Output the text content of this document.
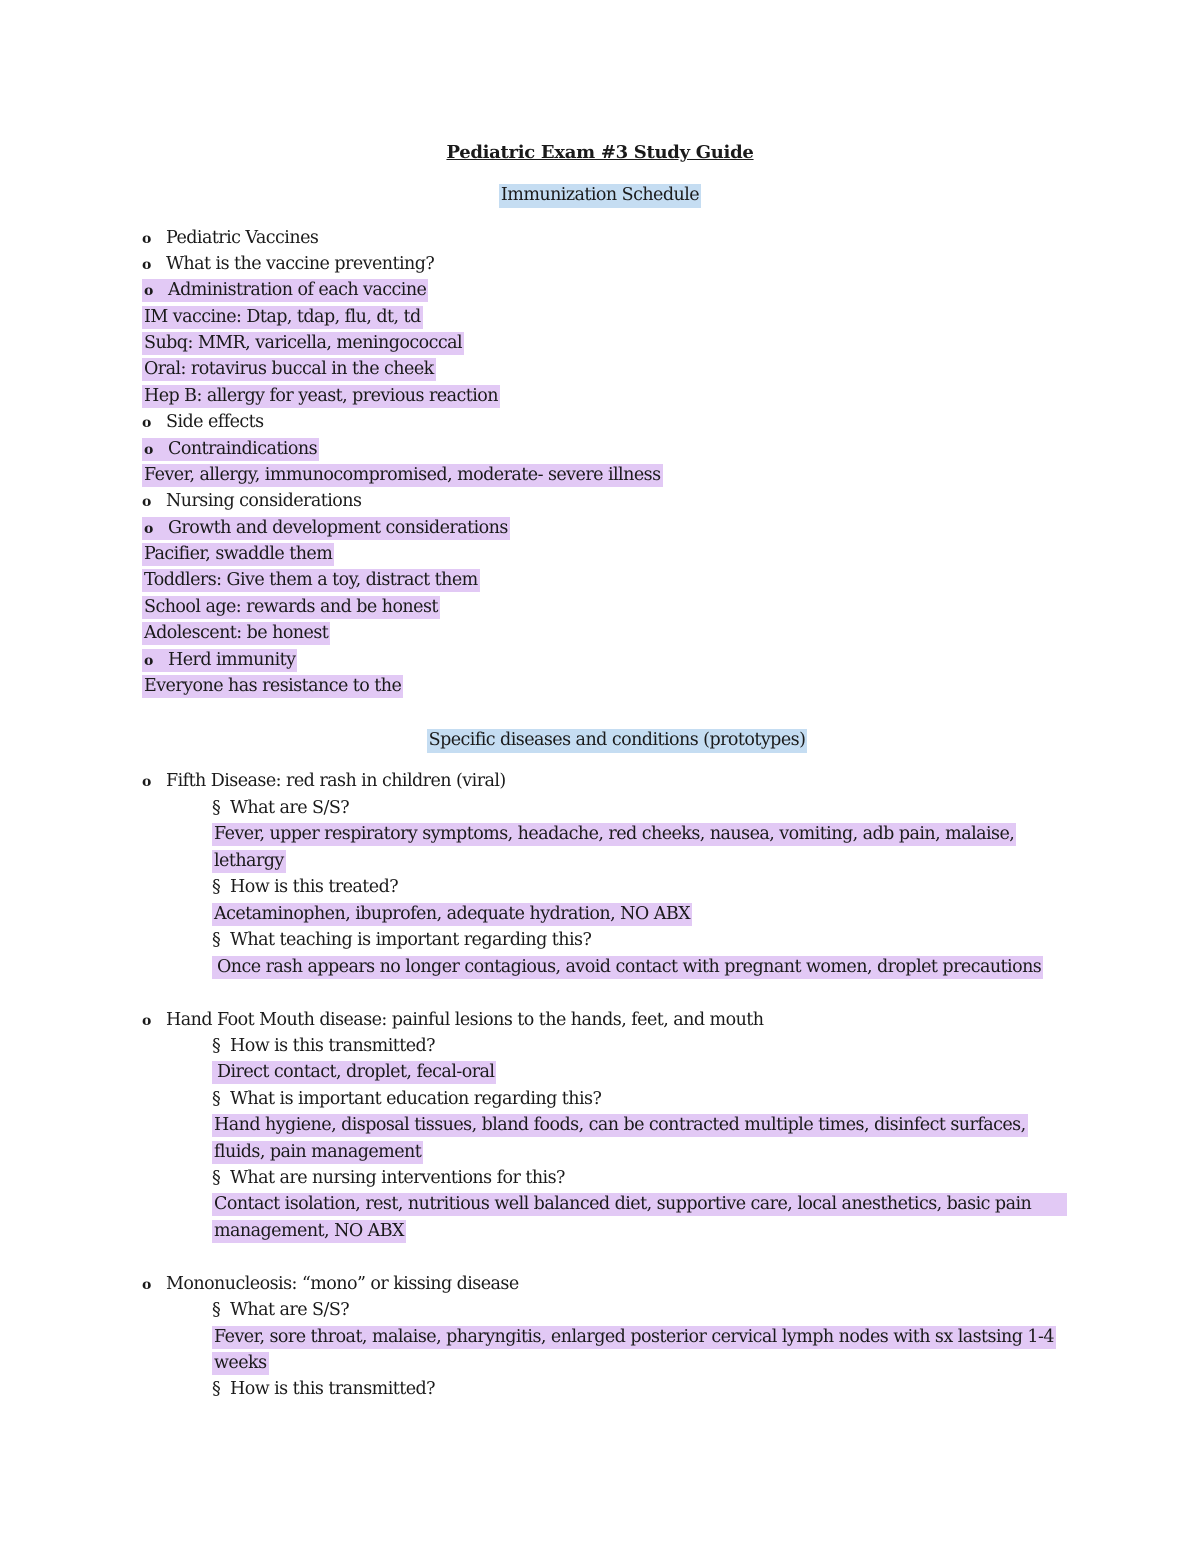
Pediatric Exam #3 Study Guide
Immunization Schedule
o Pediatric Vaccines
o What is the vaccine preventing?
o Administration of each vaccine
IM vaccine: Dtap, tdap, flu, dt, td
Subq: MMR, varicella, meningococcal
Oral: rotavirus buccal in the cheek
Hep B: allergy for yeast, previous reaction
o Side effects
o Contraindications
Fever, allergy, immunocompromised, moderate- severe illness
o Nursing considerations
o Growth and development considerations
Pacifier, swaddle them
Toddlers: Give them a toy, distract them
School age: rewards and be honest
Adolescent: be honest
o Herd immunity
Everyone has resistance to the
Specific diseases and conditions (prototypes)
o Fifth Disease: red rash in children (viral)
§ What are S/S?
Fever, upper respiratory symptoms, headache, red cheeks, nausea, vomiting, adb pain, malaise,
lethargy
§ How is this treated?
Acetaminophen, ibuprofen, adequate hydration, NO ABX
§ What teaching is important regarding this?
Once rash appears no longer contagious, avoid contact with pregnant women, droplet precautions
o Hand Foot Mouth disease: painful lesions to the hands, feet, and mouth
§ How is this transmitted?
Direct contact, droplet, fecal-oral
§ What is important education regarding this?
Hand hygiene, disposal tissues, bland foods, can be contracted multiple times, disinfect surfaces,
fluids, pain management
§ What are nursing interventions for this?
Contact isolation, rest, nutritious well balanced diet, supportive care, local anesthetics, basic pain
management, NO ABX
o Mononucleosis: “mono” or kissing disease
§ What are S/S?
Fever, sore throat, malaise, pharyngitis, enlarged posterior cervical lymph nodes with sx lastsing 1-4
weeks
§ How is this transmitted?
